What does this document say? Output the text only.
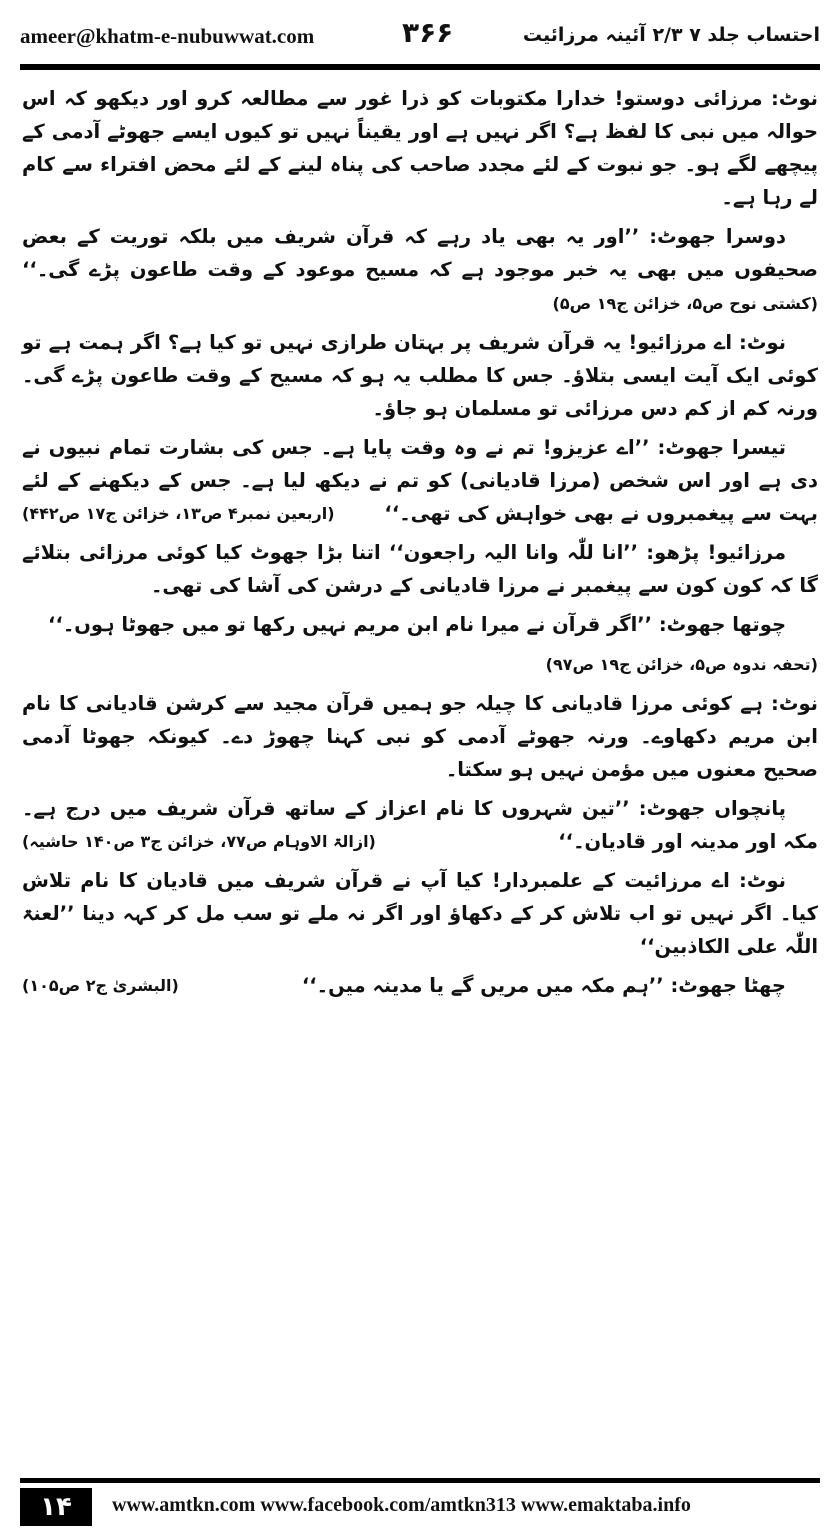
ameer@khatm-e-nubuwwat.com	۳۶۶	احتساب جلد ۷ ۲/۳ آئینہ مرزائیت

نوٹ: مرزائی دوستو! خدارا مکتوبات کو ذرا غور سے مطالعہ کرو اور دیکھو کہ اس حوالہ میں نبی کا لفظ ہے؟ اگر نہیں ہے اور یقیناً نہیں تو کیوں ایسے جھوٹے آدمی کے پیچھے لگے ہو۔ جو نبوت کے لئے مجدد صاحب کی پناہ لینے کے لئے محض افتراء سے کام لے رہا ہے۔

دوسرا جھوٹ: ’’اور یہ بھی یاد رہے کہ قرآن شریف میں بلکہ توریت کے بعض صحیفوں میں بھی یہ خبر موجود ہے کہ مسیح موعود کے وقت طاعون پڑے گی۔‘‘ (کشتی نوح ص۵، خزائن ج۱۹ ص۵)

نوٹ: اے مرزائیو! یہ قرآن شریف پر بہتان طرازی نہیں تو کیا ہے؟ اگر ہمت ہے تو کوئی ایک آیت ایسی بتلاؤ۔ جس کا مطلب یہ ہو کہ مسیح کے وقت طاعون پڑے گی۔ ورنہ کم از کم دس مرزائی تو مسلمان ہو جاؤ۔

تیسرا جھوٹ: ’’اے عزیزو! تم نے وہ وقت پایا ہے۔ جس کی بشارت تمام نبیوں نے دی ہے اور اس شخص (مرزا قادیانی) کو تم نے دیکھ لیا ہے۔ جس کے دیکھنے کے لئے بہت سے پیغمبروں نے بھی خواہش کی تھی۔‘‘
(اربعین نمبر۴ ص۱۳، خزائن ج۱۷ ص۴۴۲)

مرزائیو! پڑھو: ’’انا للّٰہ وانا الیہ راجعون‘‘ اتنا بڑا جھوٹ کیا کوئی مرزائی بتلائے گا کہ کون کون سے پیغمبر نے مرزا قادیانی کے درشن کی آشا کی تھی۔

چوتھا جھوٹ: ’’اگر قرآن نے میرا نام ابن مریم نہیں رکھا تو میں جھوٹا ہوں۔‘‘

(تحفہ ندوہ ص۵، خزائن ج۱۹ ص۹۷)

نوٹ: ہے کوئی مرزا قادیانی کا چیلہ جو ہمیں قرآن مجید سے کرشن قادیانی کا نام ابن مریم دکھاوے۔ ورنہ جھوٹے آدمی کو نبی کہنا چھوڑ دے۔ کیونکہ جھوٹا آدمی صحیح معنوں میں مؤمن نہیں ہو سکتا۔

پانچواں جھوٹ: ’’تین شہروں کا نام اعزاز کے ساتھ قرآن شریف میں درج ہے۔ مکہ اور مدینہ اور قادیان۔‘‘
(ازالۃ الاوہام ص۷۷، خزائن ج۳ ص۱۴۰ حاشیہ)

نوٹ: اے مرزائیت کے علمبردار! کیا آپ نے قرآن شریف میں قادیان کا نام تلاش کیا۔ اگر نہیں تو اب تلاش کر کے دکھاؤ اور اگر نہ ملے تو سب مل کر کہہ دینا ’’لعنۃ اللّٰہ علی الکاذبین‘‘

چھٹا جھوٹ: ’’ہم مکہ میں مریں گے یا مدینہ میں۔‘‘
(البشریٰ ج۲ ص۱۰۵)

۱۴	www.amtkn.com www.facebook.com/amtkn313 www.emaktaba.info
